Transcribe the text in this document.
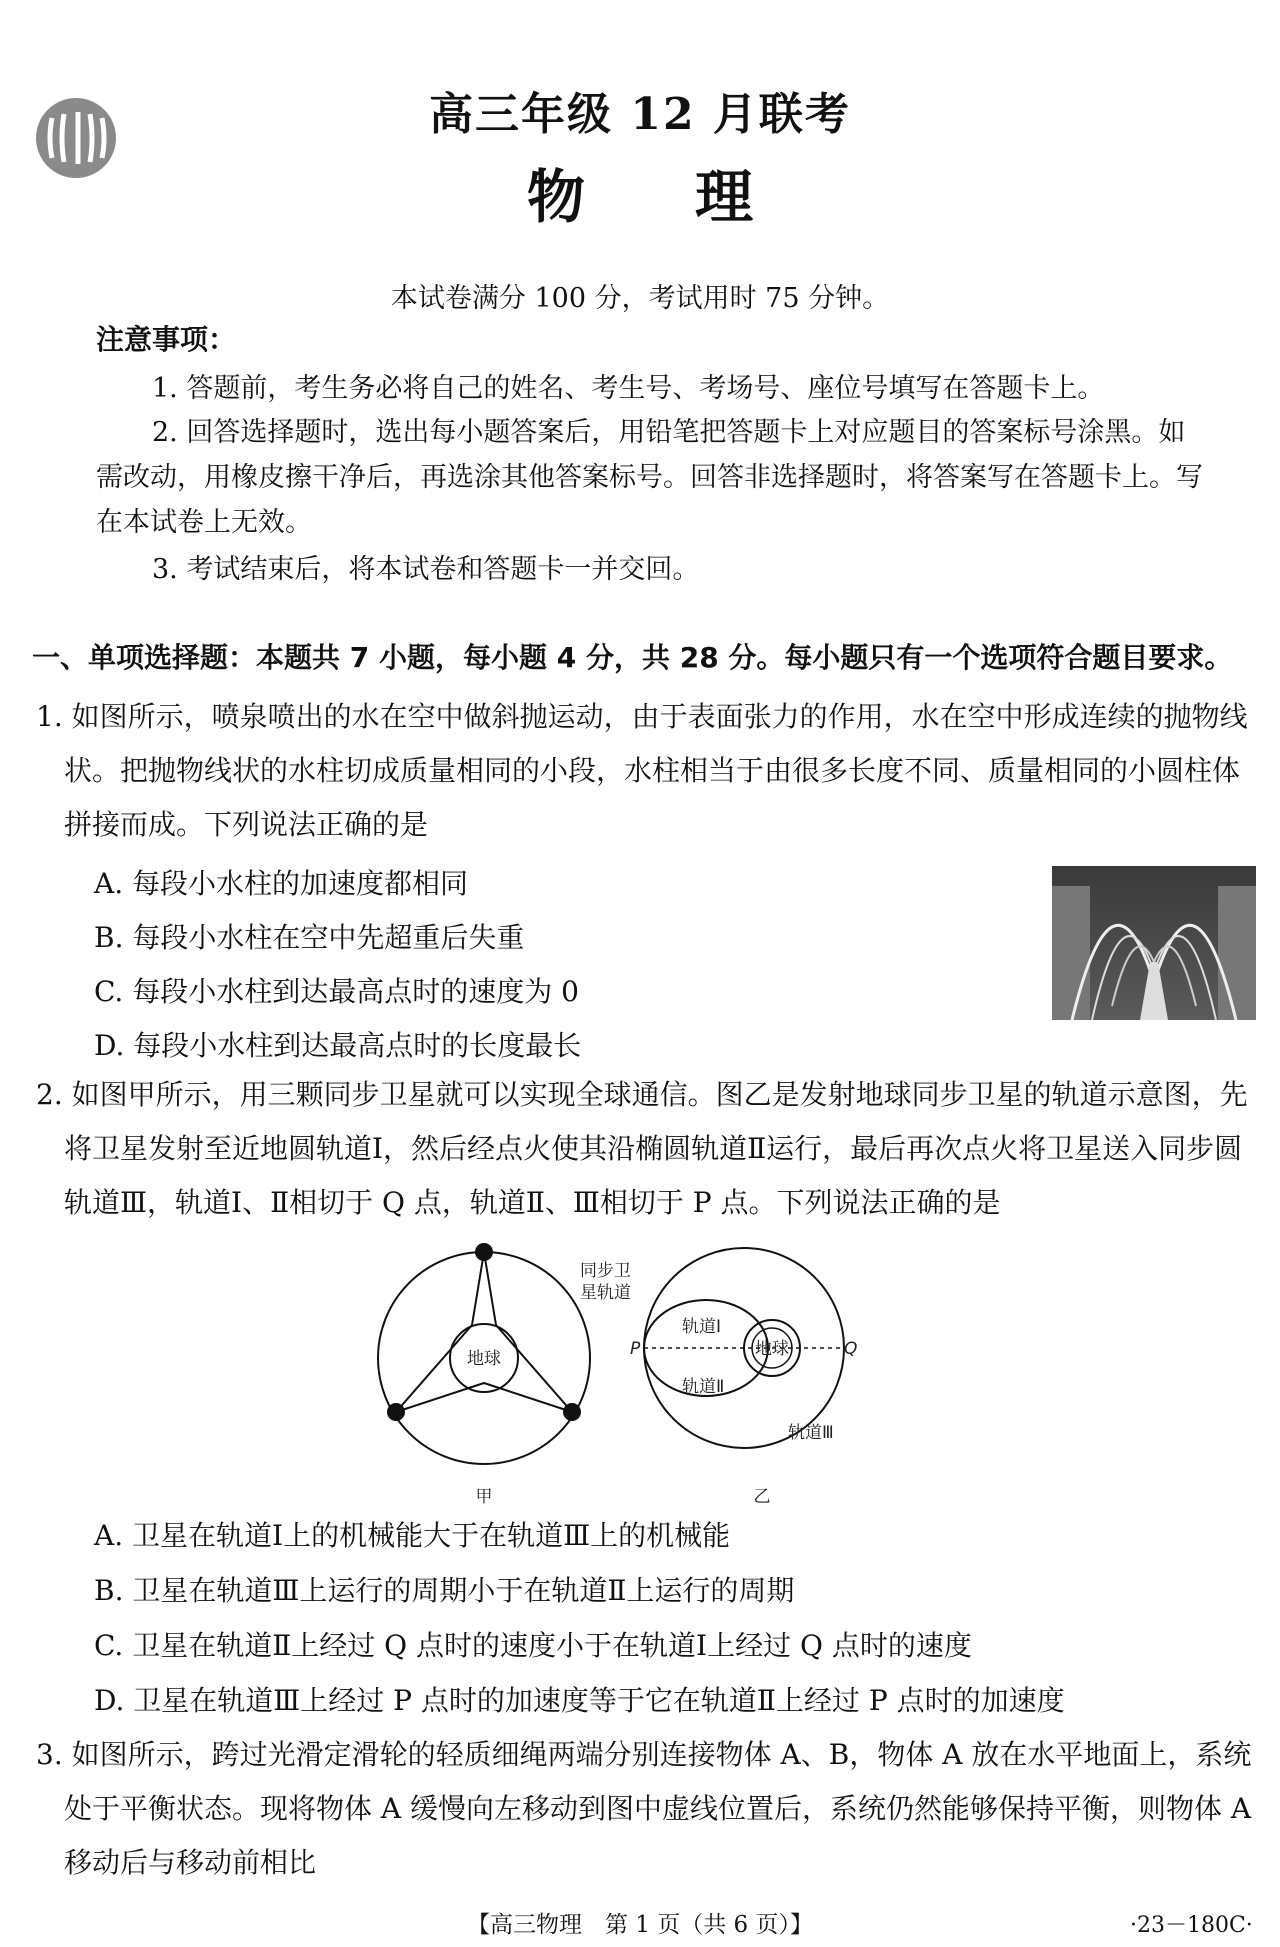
高三年级 12 月联考
物理
本试卷满分 100 分，考试用时 75 分钟。
注意事项：
1. 答题前，考生务必将自己的姓名、考生号、考场号、座位号填写在答题卡上。
2. 回答选择题时，选出每小题答案后，用铅笔把答题卡上对应题目的答案标号涂黑。如需改动，用橡皮擦干净后，再选涂其他答案标号。回答非选择题时，将答案写在答题卡上。写在本试卷上无效。
3. 考试结束后，将本试卷和答题卡一并交回。
一、单项选择题：本题共 7 小题，每小题 4 分，共 28 分。每小题只有一个选项符合题目要求。
1. 如图所示，喷泉喷出的水在空中做斜抛运动，由于表面张力的作用，水在空中形成连续的抛物线状。把抛物线状的水柱切成质量相同的小段，水柱相当于由很多长度不同、质量相同的小圆柱体拼接而成。下列说法正确的是
A. 每段小水柱的加速度都相同
B. 每段小水柱在空中先超重后失重
C. 每段小水柱到达最高点时的速度为 0
D. 每段小水柱到达最高点时的长度最长
2. 如图甲所示，用三颗同步卫星就可以实现全球通信。图乙是发射地球同步卫星的轨道示意图，先将卫星发射至近地圆轨道Ⅰ，然后经点火使其沿椭圆轨道Ⅱ运行，最后再次点火将卫星送入同步圆轨道Ⅲ，轨道Ⅰ、Ⅱ相切于 Q 点，轨道Ⅱ、Ⅲ相切于 P 点。下列说法正确的是
地球
同步卫
星轨道
甲
地球
轨道Ⅰ
轨道Ⅱ
轨道Ⅲ
P	Q
乙
A. 卫星在轨道Ⅰ上的机械能大于在轨道Ⅲ上的机械能
B. 卫星在轨道Ⅲ上运行的周期小于在轨道Ⅱ上运行的周期
C. 卫星在轨道Ⅱ上经过 Q 点时的速度小于在轨道Ⅰ上经过 Q 点时的速度
D. 卫星在轨道Ⅲ上经过 P 点时的加速度等于它在轨道Ⅱ上经过 P 点时的加速度
3. 如图所示，跨过光滑定滑轮的轻质细绳两端分别连接物体 A、B，物体 A 放在水平地面上，系统处于平衡状态。现将物体 A 缓慢向左移动到图中虚线位置后，系统仍然能够保持平衡，则物体 A 移动后与移动前相比
【高三物理　第 1 页（共 6 页）】	·23－180C·
